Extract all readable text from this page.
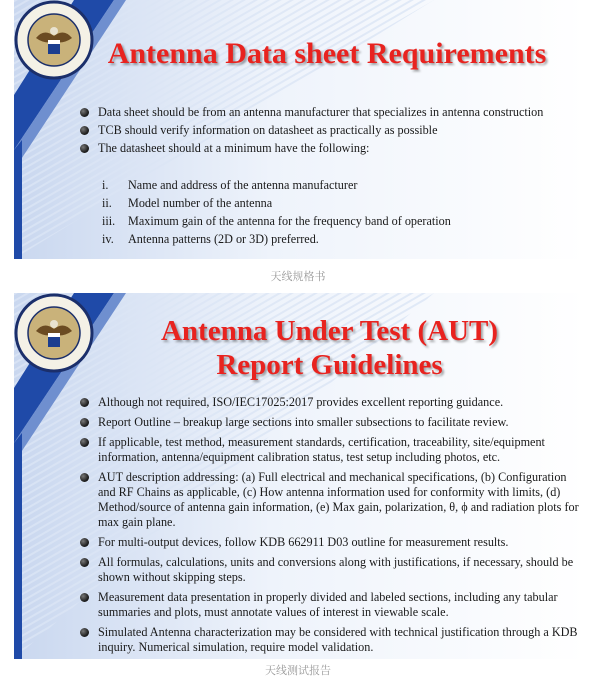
Antenna Data sheet Requirements
Data sheet should be from an antenna manufacturer that specializes in antenna construction
TCB should verify information on datasheet as practically as possible
The datasheet should at a minimum have the following:
i. Name and address of the antenna manufacturer
ii. Model number of the antenna
iii. Maximum gain of the antenna for the frequency band of operation
iv. Antenna patterns (2D or 3D) preferred.
天线规格书
Antenna Under Test (AUT)
Report Guidelines
Although not required, ISO/IEC17025:2017 provides excellent reporting guidance.
Report Outline – breakup large sections into smaller subsections to facilitate review.
If applicable, test method, measurement standards, certification, traceability, site/equipment information, antenna/equipment calibration status, test setup including photos, etc.
AUT description addressing: (a) Full electrical and mechanical specifications, (b) Configuration and RF Chains as applicable, (c) How antenna information used for conformity with limits, (d) Method/source of antenna gain information, (e) Max gain, polarization, θ, ϕ and radiation plots for max gain plane.
For multi-output devices, follow KDB 662911 D03 outline for measurement results.
All formulas, calculations, units and conversions along with justifications, if necessary, should be shown without skipping steps.
Measurement data presentation in properly divided and labeled sections, including any tabular summaries and plots, must annotate values of interest in viewable scale.
Simulated Antenna characterization may be considered with technical justification through a KDB inquiry. Numerical simulation, require model validation.
天线测试报告
